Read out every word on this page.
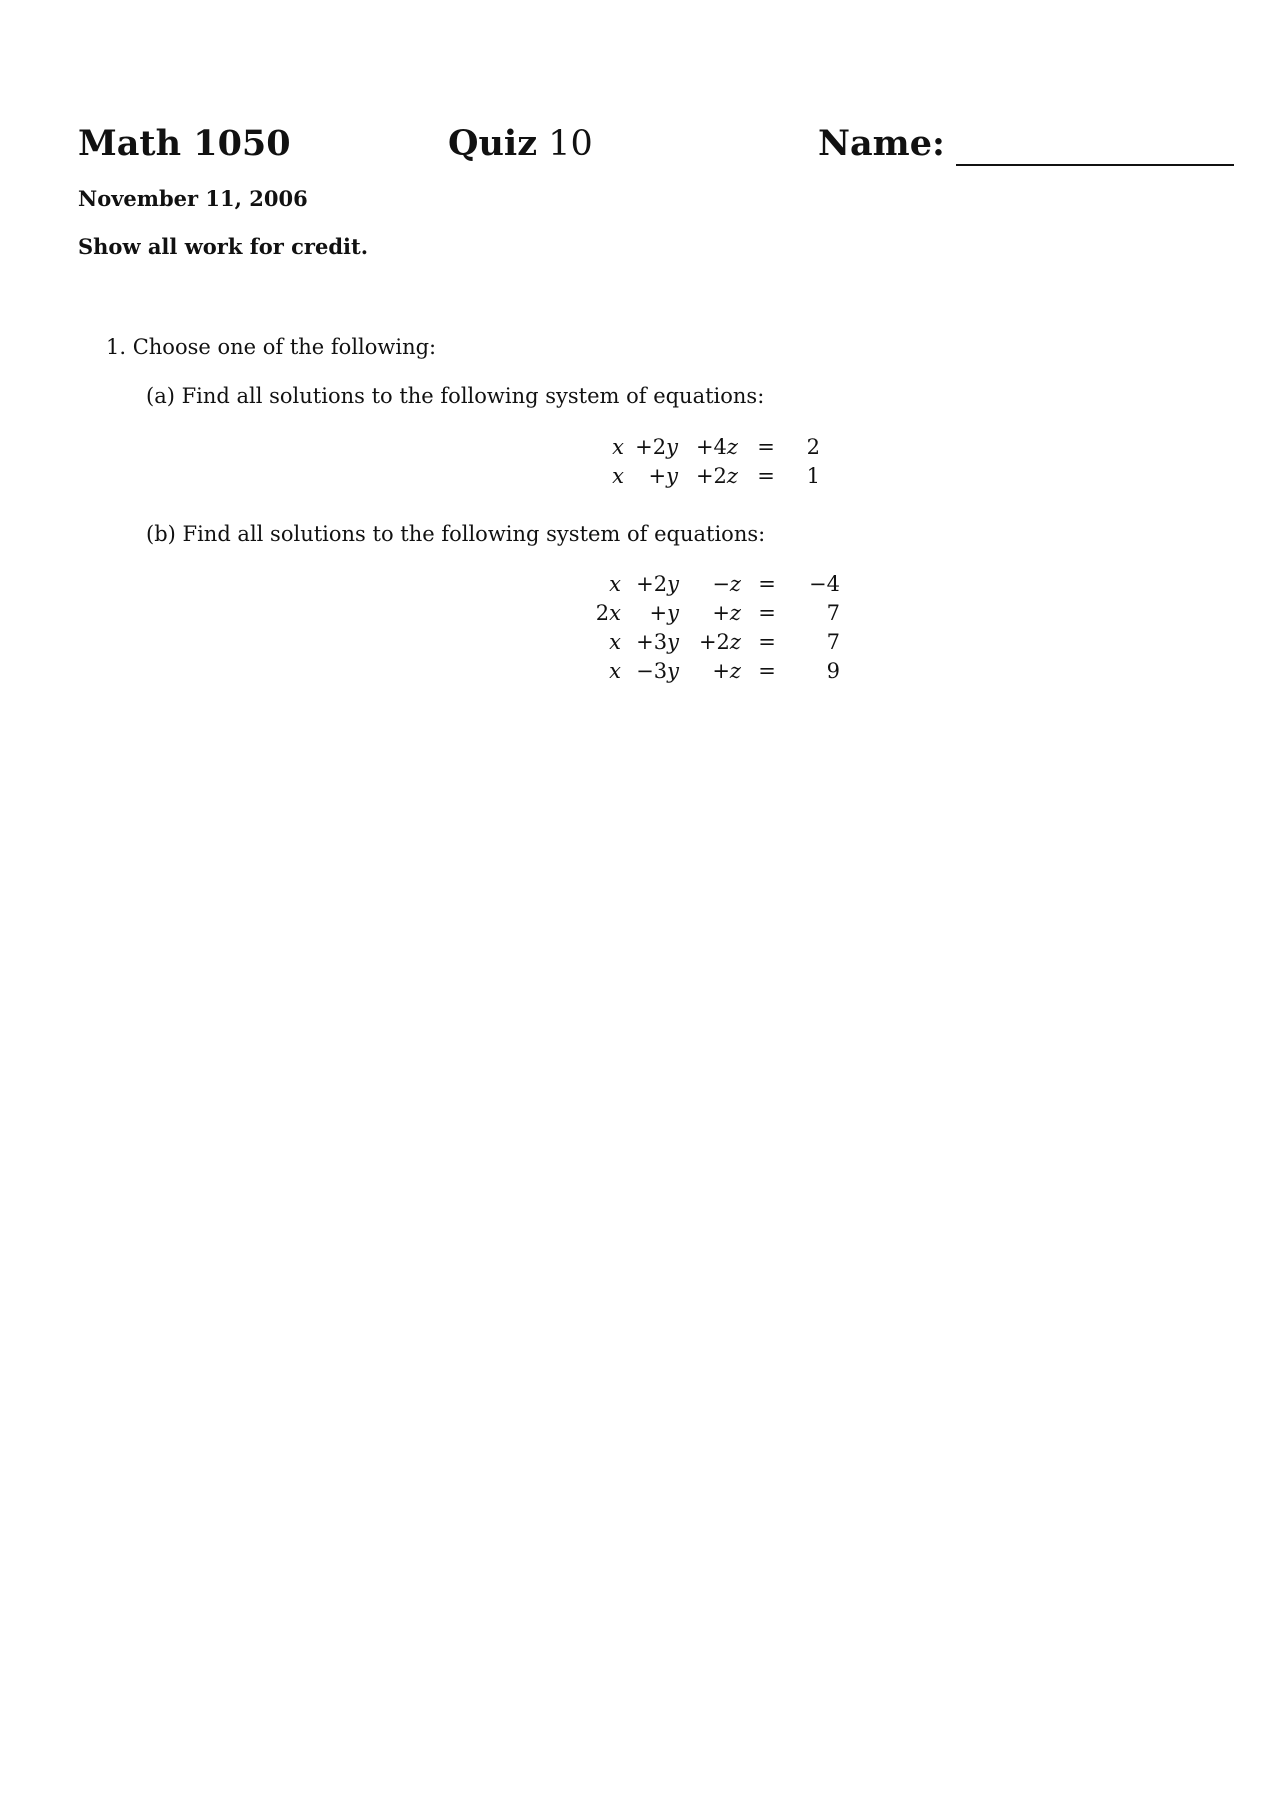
Math 1050	Quiz 10	Name:
November 11, 2006
Show all work for credit.
1. Choose one of the following:
(a) Find all solutions to the following system of equations:
x	+2y	+4z	=	2
x	+y	+2z	=	1
(b) Find all solutions to the following system of equations:
x	+2y	−z	=	−4
2x	+y	+z	=	7
x	+3y	+2z	=	7
x	−3y	+z	=	9
